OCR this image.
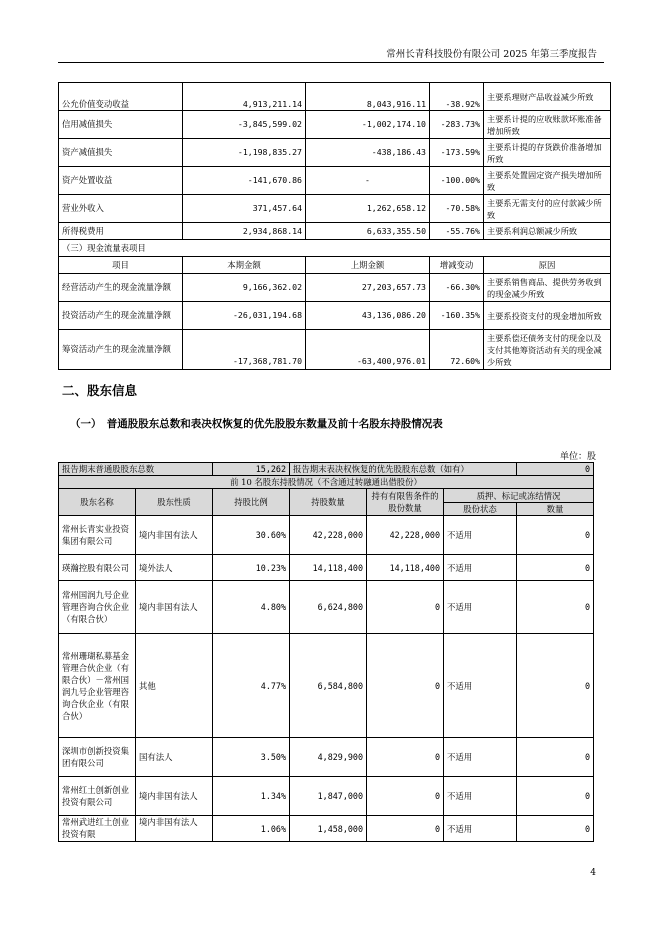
常州长青科技股份有限公司 2025 年第三季度报告
公允价值变动收益	4,913,211.14	8,043,916.11	-38.92%	主要系理财产品收益减少所致
信用减值损失	-3,845,599.02	-1,002,174.10	-283.73%	主要系计提的应收账款坏账准备增加所致
资产减值损失	-1,198,835.27	-438,186.43	-173.59%	主要系计提的存货跌价准备增加所致
资产处置收益	-141,670.86	-	-100.00%	主要系处置固定资产损失增加所致
营业外收入	371,457.64	1,262,658.12	-70.58%	主要系无需支付的应付款减少所致
所得税费用	2,934,868.14	6,633,355.50	-55.76%	主要系利润总额减少所致
（三）现金流量表项目				
项目	本期金额	上期金额	增减变动	原因
经营活动产生的现金流量净额	9,166,362.02	27,203,657.73	-66.30%	主要系销售商品、提供劳务收到的现金减少所致
投资活动产生的现金流量净额	-26,031,194.68	43,136,086.20	-160.35%	主要系投资支付的现金增加所致
筹资活动产生的现金流量净额	-17,368,781.70	-63,400,976.01	72.60%	主要系偿还债务支付的现金以及支付其他筹资活动有关的现金减少所致
二、股东信息
（一）　普通股股东总数和表决权恢复的优先股股东数量及前十名股东持股情况表
单位：股
报告期末普通股股东总数		15,262	报告期末表决权恢复的优先股股东总数（如有）			0
前 10 名股东持股情况（不含通过转融通出借股份）						
股东名称	股东性质	持股比例	持股数量	持有有限售条件的股份数量	质押、标记或冻结情况	
					股份状态	数量
常州长青实业投资集团有限公司	境内非国有法人	30.60%	42,228,000	42,228,000	不适用	0
瑛瀚控股有限公司	境外法人	10.23%	14,118,400	14,118,400	不适用	0
常州国润九号企业管理咨询合伙企业（有限合伙）	境内非国有法人	4.80%	6,624,800	0	不适用	0
常州珊瑚私募基金管理合伙企业（有限合伙）－常州国润九号企业管理咨询合伙企业（有限合伙）	其他	4.77%	6,584,800	0	不适用	0
深圳市创新投资集团有限公司	国有法人	3.50%	4,829,900	0	不适用	0
常州红土创新创业投资有限公司	境内非国有法人	1.34%	1,847,000	0	不适用	0
常州武进红土创业投资有限	境内非国有法人	1.06%	1,458,000	0	不适用	0
4
